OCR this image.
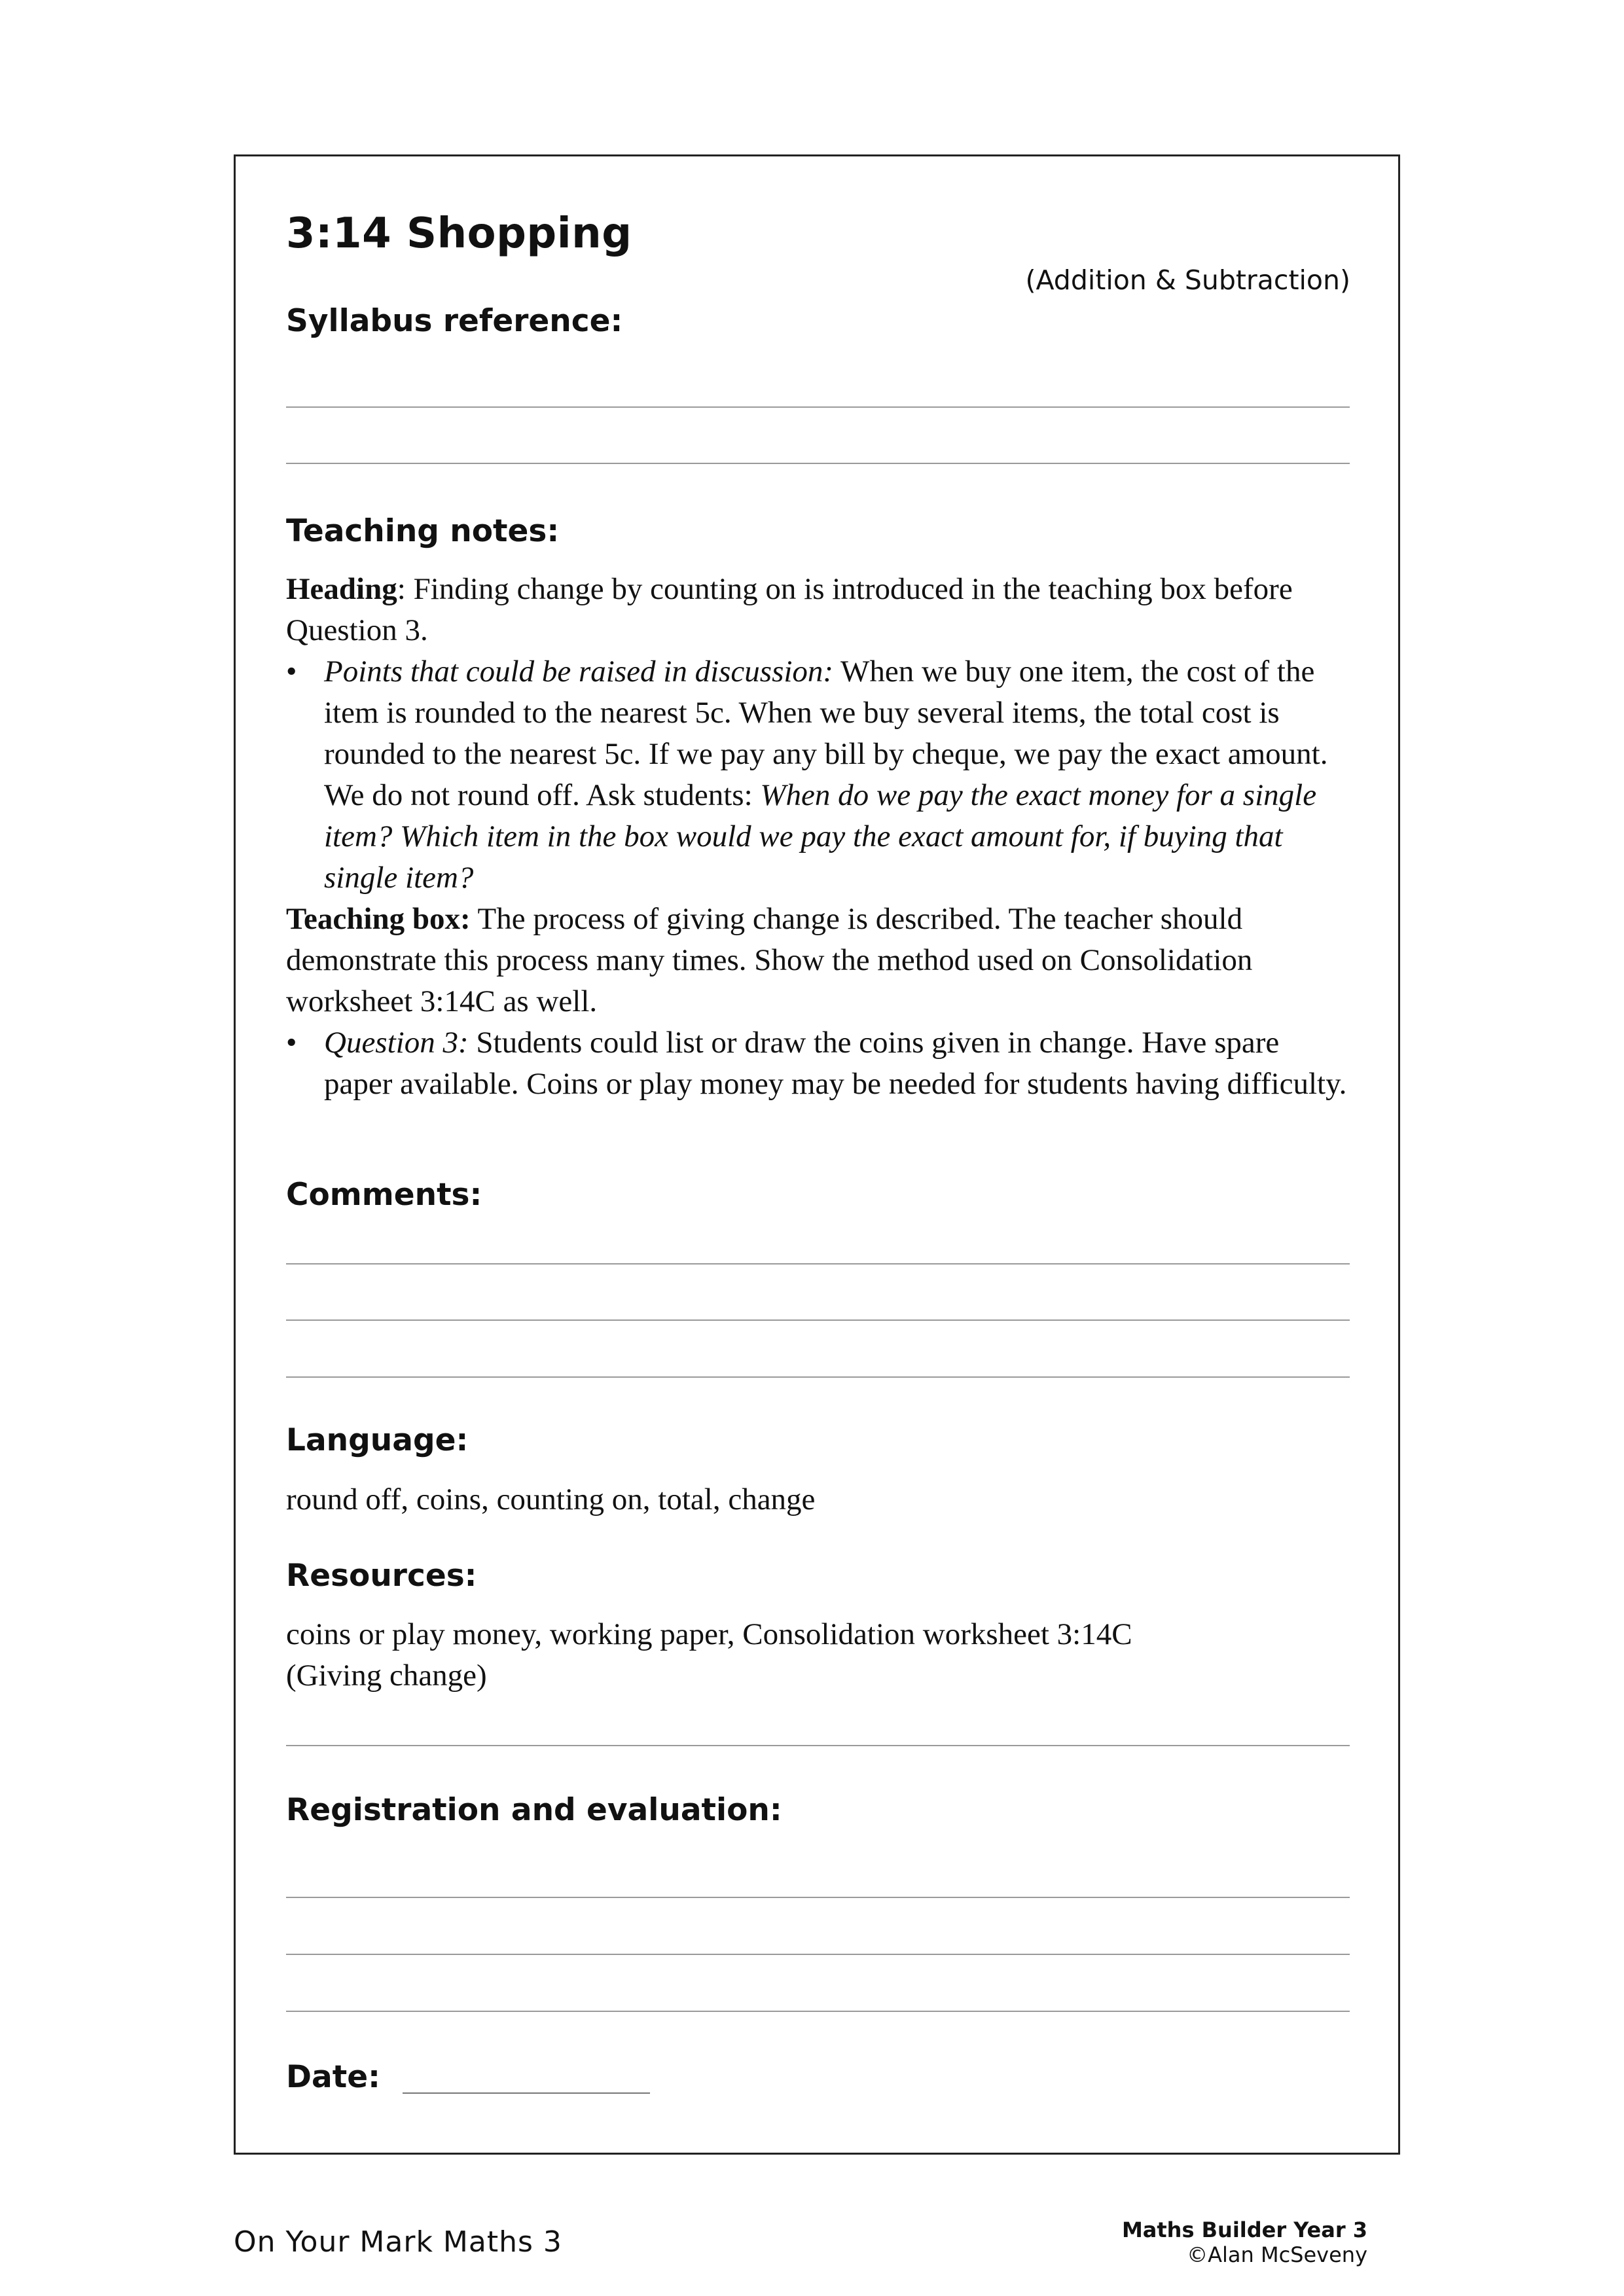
3:14 Shopping
(Addition & Subtraction)
Syllabus reference:
Teaching notes:

Heading: Finding change by counting on is introduced in the teaching box before Question 3.

• Points that could be raised in discussion: When we buy one item, the cost of the item is rounded to the nearest 5c. When we buy several items, the total cost is rounded to the nearest 5c. If we pay any bill by cheque, we pay the exact amount. We do not round off. Ask students: When do we pay the exact money for a single item? Which item in the box would we pay the exact amount for, if buying that single item?

Teaching box: The process of giving change is described. The teacher should demonstrate this process many times. Show the method used on Consolidation worksheet 3:14C as well.

• Question 3: Students could list or draw the coins given in change. Have spare paper available. Coins or play money may be needed for students having difficulty.
Comments:
Language:
round off, coins, counting on, total, change
Resources:

coins or play money, working paper, Consolidation worksheet 3:14C

(Giving change)

Registration and evaluation:
Date:
On Your Mark Maths 3	Maths Builder Year 3
©Alan McSeveny
